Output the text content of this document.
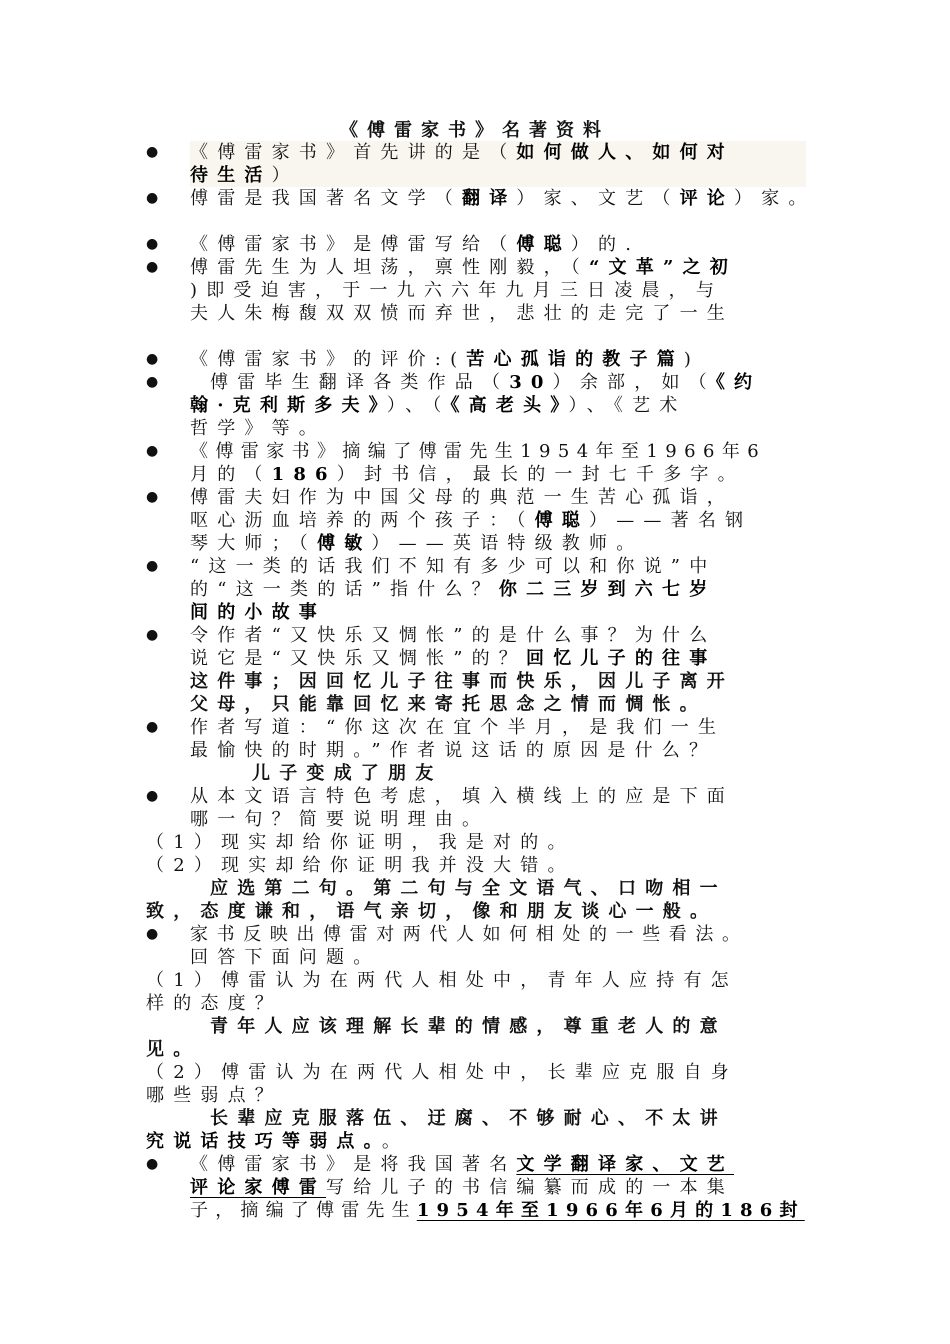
《傅雷家书》名著资料
● 《傅雷家书》首先讲的是（如何做人、如何对
待生活）
● 傅雷是我国著名文学（翻译）家、文艺（评论）家。
● 《傅雷家书》是傅雷写给（傅聪）的.
● 傅雷先生为人坦荡，禀性刚毅，（“文革”之初
)即受迫害，于一九六六年九月三日凌晨，与
夫人朱梅馥双双愤而弃世，悲壮的走完了一生
● 《傅雷家书》的评价:(苦心孤诣的教子篇)
●	傅雷毕生翻译各类作品（30）余部，如（《约
翰·克利斯多夫》）、（《高老头》）、《艺术
哲学》等。
● 《傅雷家书》摘编了傅雷先生1954年至1966年6
月的（186）封书信，最长的一封七千多字。
● 傅雷夫妇作为中国父母的典范一生苦心孤诣，
呕心沥血培养的两个孩子：（傅聪）——著名钢
琴大师；（傅敏）——英语特级教师。
● “这一类的话我们不知有多少可以和你说”中
的“这一类的话”指什么？你二三岁到六七岁
间的小故事
● 令作者“又快乐又惆怅”的是什么事？为什么
说它是“又快乐又惆怅”的？回忆儿子的往事
这件事；因回忆儿子往事而快乐，因儿子离开
父母，只能靠回忆来寄托思念之情而惆怅。
● 作者写道：“你这次在宜个半月，是我们一生
最愉快的时期。”作者说这话的原因是什么？
儿子变成了朋友
● 从本文语言特色考虑，填入横线上的应是下面
哪一句？简要说明理由。
（1）现实却给你证明，我是对的。
（2）现实却给你证明我并没大错。
应选第二句。第二句与全文语气、口吻相一
致，态度谦和，语气亲切，像和朋友谈心一般。
● 家书反映出傅雷对两代人如何相处的一些看法。
回答下面问题。
（1）傅雷认为在两代人相处中，青年人应持有怎
样的态度？
青年人应该理解长辈的情感，尊重老人的意
见。
（2）傅雷认为在两代人相处中，长辈应克服自身
哪些弱点？
长辈应克服落伍、迂腐、不够耐心、不太讲
究说话技巧等弱点。。
● 《傅雷家书》是将我国著名文学翻译家、文艺
评论家傅雷写给儿子的书信编纂而成的一本集
子，摘编了傅雷先生1954年至1966年6月的186封
